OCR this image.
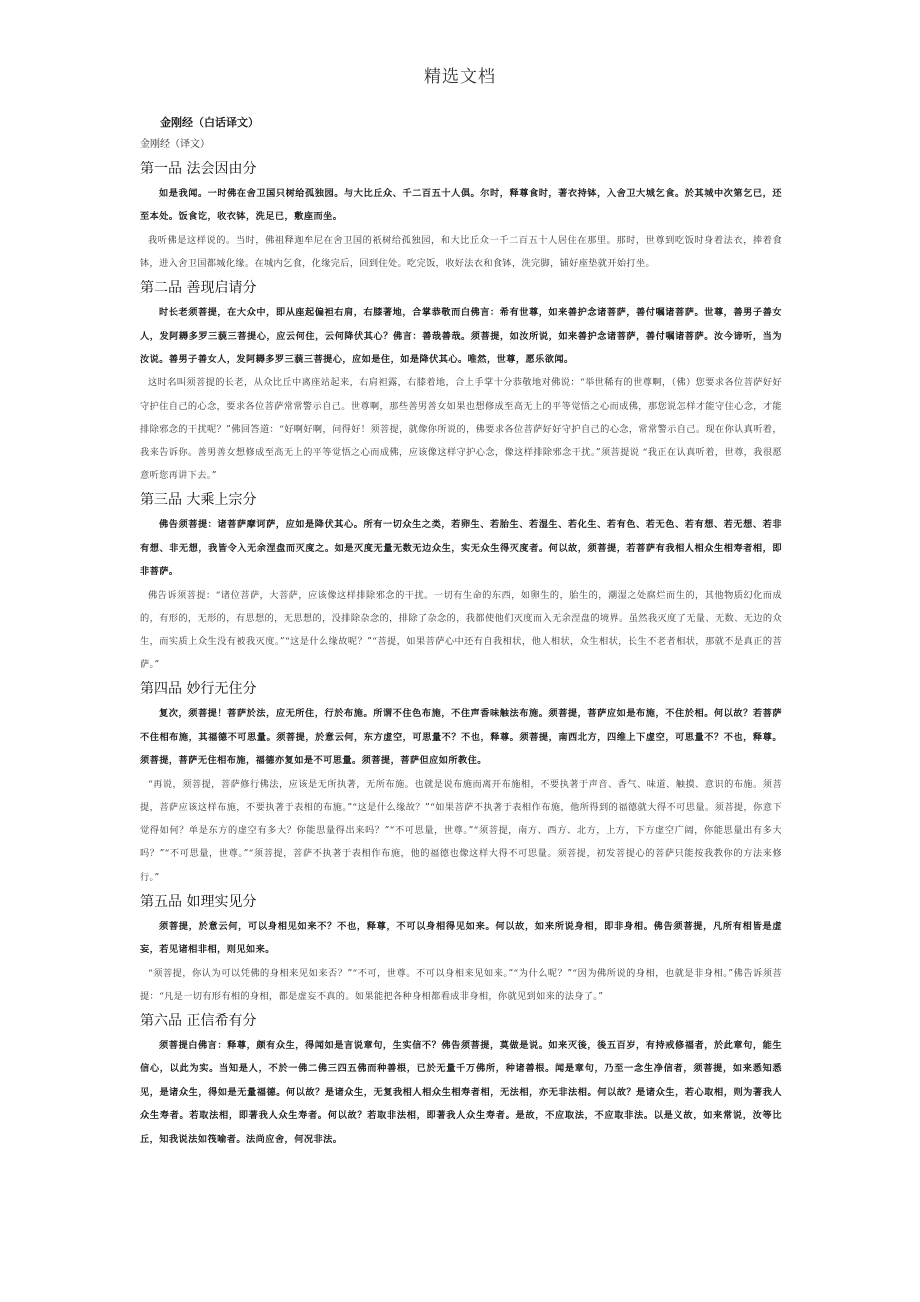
精选文档
金刚经（白话译文）
金刚经（译文）
第一品 法会因由分

如是我闻。一时佛在舍卫国只树给孤独园。与大比丘众、千二百五十人俱。尔时，释尊食时，著衣持钵，入舍卫大城乞食。於其城中次第乞已，还至本处。饭食讫，收衣钵，洗足已，敷座而坐。

我听佛是这样说的。当时，佛祖释迦牟尼在舍卫国的祇树给孤独园，和大比丘众一千二百五十人居住在那里。那时，世尊到吃饭时身着法衣，捧着食钵，进入舍卫国都城化缘。在城内乞食，化缘完后，回到住处。吃完饭，收好法衣和食钵，洗完脚，铺好座垫就开始打坐。

第二品 善现启请分

时长老须菩提，在大众中，即从座起偏袒右肩，右膝著地，合掌恭敬而白佛言：希有世尊，如来善护念诸菩萨，善付嘱诸菩萨。世尊，善男子善女人，发阿耨多罗三藐三菩提心，应云何住，云何降伏其心？佛言：善哉善哉。须菩提，如汝所说，如来善护念诸菩萨，善付嘱诸菩萨。汝今谛听，当为汝说。善男子善女人，发阿耨多罗三藐三菩提心，应如是住，如是降伏其心。唯然，世尊，愿乐欲闻。

这时名叫须菩提的长老，从众比丘中离座站起来，右肩袒露，右膝着地，合上手掌十分恭敬地对佛说：“举世稀有的世尊啊，（佛）您要求各位菩萨好好守护住自己的心念，要求各位菩萨常常警示自己。世尊啊，那些善男善女如果也想修成至高无上的平等觉悟之心而成佛，那您说怎样才能守住心念，才能排除邪念的干扰呢？”佛回答道：“好啊好啊，问得好！须菩提，就像你所说的，佛要求各位菩萨好好守护自己的心念，常常警示自己。现在你认真听着，我来告诉你。善男善女想修成至高无上的平等觉悟之心而成佛，应该像这样守护心念，像这样排除邪念干扰。”须菩提说 “我正在认真听着，世尊，我很愿意听您再讲下去。”

第三品 大乘上宗分

佛告须菩提：诸菩萨摩诃萨，应如是降伏其心。所有一切众生之类，若卵生、若胎生、若湿生、若化生、若有色、若无色、若有想、若无想、若非有想、非无想，我皆令入无余涅盘而灭度之。如是灭度无量无数无边众生，实无众生得灭度者。何以故，须菩提，若菩萨有我相人相众生相寿者相，即非菩萨。

佛告诉须菩提：“诸位菩萨，大菩萨，应该像这样排除邪念的干扰。一切有生命的东西，如卵生的，胎生的，潮湿之处腐烂而生的，其他物质幻化而成的，有形的，无形的，有思想的，无思想的，没排除杂念的，排除了杂念的，我都使他们灭度而入无余涅盘的境界。虽然我灭度了无量、无数、无边的众生，而实质上众生没有被我灭度。”“这是什么缘故呢？”“菩提，如果菩萨心中还有自我相状，他人相状，众生相状，长生不老者相状，那就不是真正的菩萨。”

第四品 妙行无住分

复次，须菩提！菩萨於法，应无所住，行於布施。所谓不住色布施，不住声香味触法布施。须菩提，菩萨应如是布施，不住於相。何以故？若菩萨不住相布施，其福德不可思量。须菩提，於意云何，东方虚空，可思量不？不也，释尊。须菩提，南西北方，四维上下虚空，可思量不？不也，释尊。须菩提，菩萨无住相布施，福德亦复如是不可思量。须菩提，菩萨但应如所教住。

“再说，须菩提，菩萨修行佛法，应该是无所执著，无所布施。也就是说布施而离开布施相，不要执著于声音、香气、味道、触摸、意识的布施。须菩提，菩萨应该这样布施，不要执著于表相的布施。”“这是什么缘故？”“如果菩萨不执著于表相作布施，他所得到的福德就大得不可思量。须菩提，你意下觉得如何？单是东方的虚空有多大？你能思量得出来吗？”“不可思量，世尊。”“须菩提，南方、西方、北方，上方，下方虚空广阔，你能思量出有多大吗？”“不可思量，世尊。”“须菩提，菩萨不执著于表相作布施，他的福德也像这样大得不可思量。须菩提，初发菩提心的菩萨只能按我教你的方法来修行。”

第五品 如理实见分

须菩提，於意云何，可以身相见如来不？不也，释尊，不可以身相得见如来。何以故，如来所说身相，即非身相。佛告须菩提，凡所有相皆是虚妄，若见诸相非相，则见如来。

“须菩提，你认为可以凭佛的身相来见如来否？”“不可，世尊。不可以身相来见如来。”“为什么呢？”“因为佛所说的身相，也就是非身相。”佛告诉须菩提：“凡是一切有形有相的身相，都是虚妄不真的。如果能把各种身相都看成非身相，你就见到如来的法身了。”

第六品 正信希有分

须菩提白佛言：释尊，颇有众生，得闻如是言说章句，生实信不？佛告须菩提，莫做是说。如来灭後，後五百岁，有持戒修福者，於此章句，能生信心，以此为实。当知是人，不於一佛二佛三四五佛而种善根，已於无量千万佛所，种诸善根。闻是章句，乃至一念生净信者，须菩提，如来悉知悉见，是诸众生，得如是无量福德。何以故？是诸众生，无复我相人相众生相寿者相，无法相，亦无非法相。何以故？是诸众生，若心取相，则为著我人众生寿者。若取法相，即著我人众生寿者。何以故？若取非法相，即著我人众生寿者。是故，不应取法，不应取非法。以是义故，如来常说，汝等比丘，知我说法如筏喻者。法尚应舍，何况非法。
